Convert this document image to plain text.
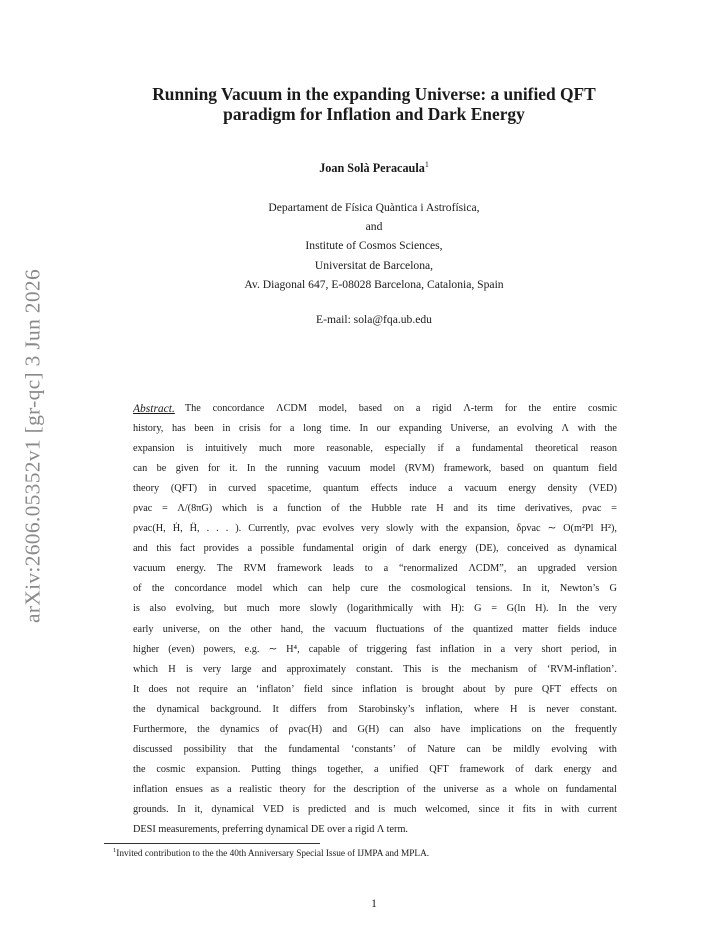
arXiv:2606.05352v1 [gr-qc] 3 Jun 2026
Running Vacuum in the expanding Universe: a unified QFT
paradigm for Inflation and Dark Energy
Joan Solà Peracaula$^1$
Departament de Física Quàntica i Astrofísica,
and
Institute of Cosmos Sciences,
Universitat de Barcelona,
Av. Diagonal 647, E-08028 Barcelona, Catalonia, Spain
E-mail: sola@fqa.ub.edu
Abstract. The concordance ΛCDM model, based on a rigid Λ-term for the entire cosmic
history, has been in crisis for a long time. In our expanding Universe, an evolving Λ with the
expansion is intuitively much more reasonable, especially if a fundamental theoretical reason
can be given for it. In the running vacuum model (RVM) framework, based on quantum field
theory (QFT) in curved spacetime, quantum effects induce a vacuum energy density (VED)
ρvac = Λ/(8πG) which is a function of the Hubble rate H and its time derivatives, ρvac =
ρvac(H, Ḣ, Ḧ, . . . ). Currently, ρvac evolves very slowly with the expansion, δρvac ∼ O(m²Pl H²),
and this fact provides a possible fundamental origin of dark energy (DE), conceived as dynamical
vacuum energy. The RVM framework leads to a “renormalized ΛCDM”, an upgraded version
of the concordance model which can help cure the cosmological tensions. In it, Newton’s G
is also evolving, but much more slowly (logarithmically with H): G = G(ln H). In the very
early universe, on the other hand, the vacuum fluctuations of the quantized matter fields induce
higher (even) powers, e.g. ∼ H⁴, capable of triggering fast inflation in a very short period, in
which H is very large and approximately constant. This is the mechanism of ‘RVM-inflation’.
It does not require an ‘inflaton’ field since inflation is brought about by pure QFT effects on
the dynamical background. It differs from Starobinsky’s inflation, where H is never constant.
Furthermore, the dynamics of ρvac(H) and G(H) can also have implications on the frequently
discussed possibility that the fundamental ‘constants’ of Nature can be mildly evolving with
the cosmic expansion. Putting things together, a unified QFT framework of dark energy and
inflation ensues as a realistic theory for the description of the universe as a whole on fundamental
grounds. In it, dynamical VED is predicted and is much welcomed, since it fits in with current
DESI measurements, preferring dynamical DE over a rigid Λ term.
$^1$Invited contribution to the the 40th Anniversary Special Issue of IJMPA and MPLA.
1
